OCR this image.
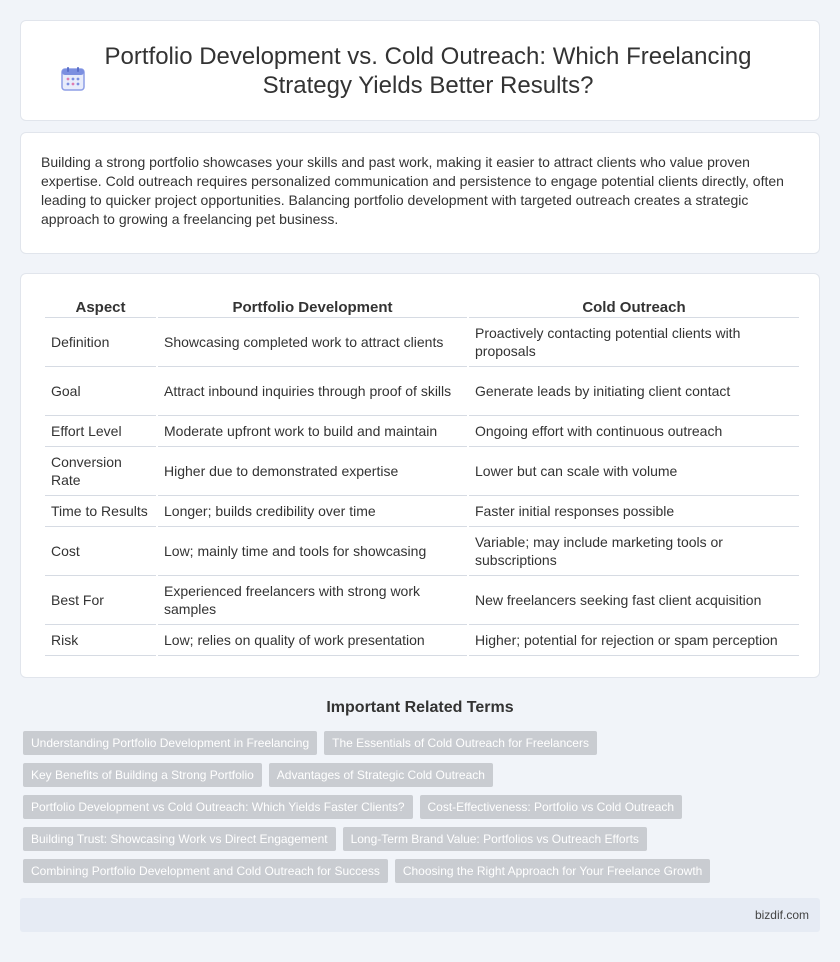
Portfolio Development vs. Cold Outreach: Which Freelancing Strategy Yields Better Results?

Building a strong portfolio showcases your skills and past work, making it easier to attract clients who value proven expertise. Cold outreach requires personalized communication and persistence to engage potential clients directly, often leading to quicker project opportunities. Balancing portfolio development with targeted outreach creates a strategic approach to growing a freelancing pet business.

Aspect	Portfolio Development	Cold Outreach
Definition	Showcasing completed work to attract clients	Proactively contacting potential clients with proposals
Goal	Attract inbound inquiries through proof of skills	Generate leads by initiating client contact
Effort Level	Moderate upfront work to build and maintain	Ongoing effort with continuous outreach
Conversion Rate	Higher due to demonstrated expertise	Lower but can scale with volume
Time to Results	Longer; builds credibility over time	Faster initial responses possible
Cost	Low; mainly time and tools for showcasing	Variable; may include marketing tools or subscriptions
Best For	Experienced freelancers with strong work samples	New freelancers seeking fast client acquisition
Risk	Low; relies on quality of work presentation	Higher; potential for rejection or spam perception
Important Related Terms
Understanding Portfolio Development in Freelancing	The Essentials of Cold Outreach for Freelancers
Key Benefits of Building a Strong Portfolio	Advantages of Strategic Cold Outreach
Portfolio Development vs Cold Outreach: Which Yields Faster Clients?	Cost-Effectiveness: Portfolio vs Cold Outreach
Building Trust: Showcasing Work vs Direct Engagement	Long-Term Brand Value: Portfolios vs Outreach Efforts
Combining Portfolio Development and Cold Outreach for Success	Choosing the Right Approach for Your Freelance Growth
bizdif.com
